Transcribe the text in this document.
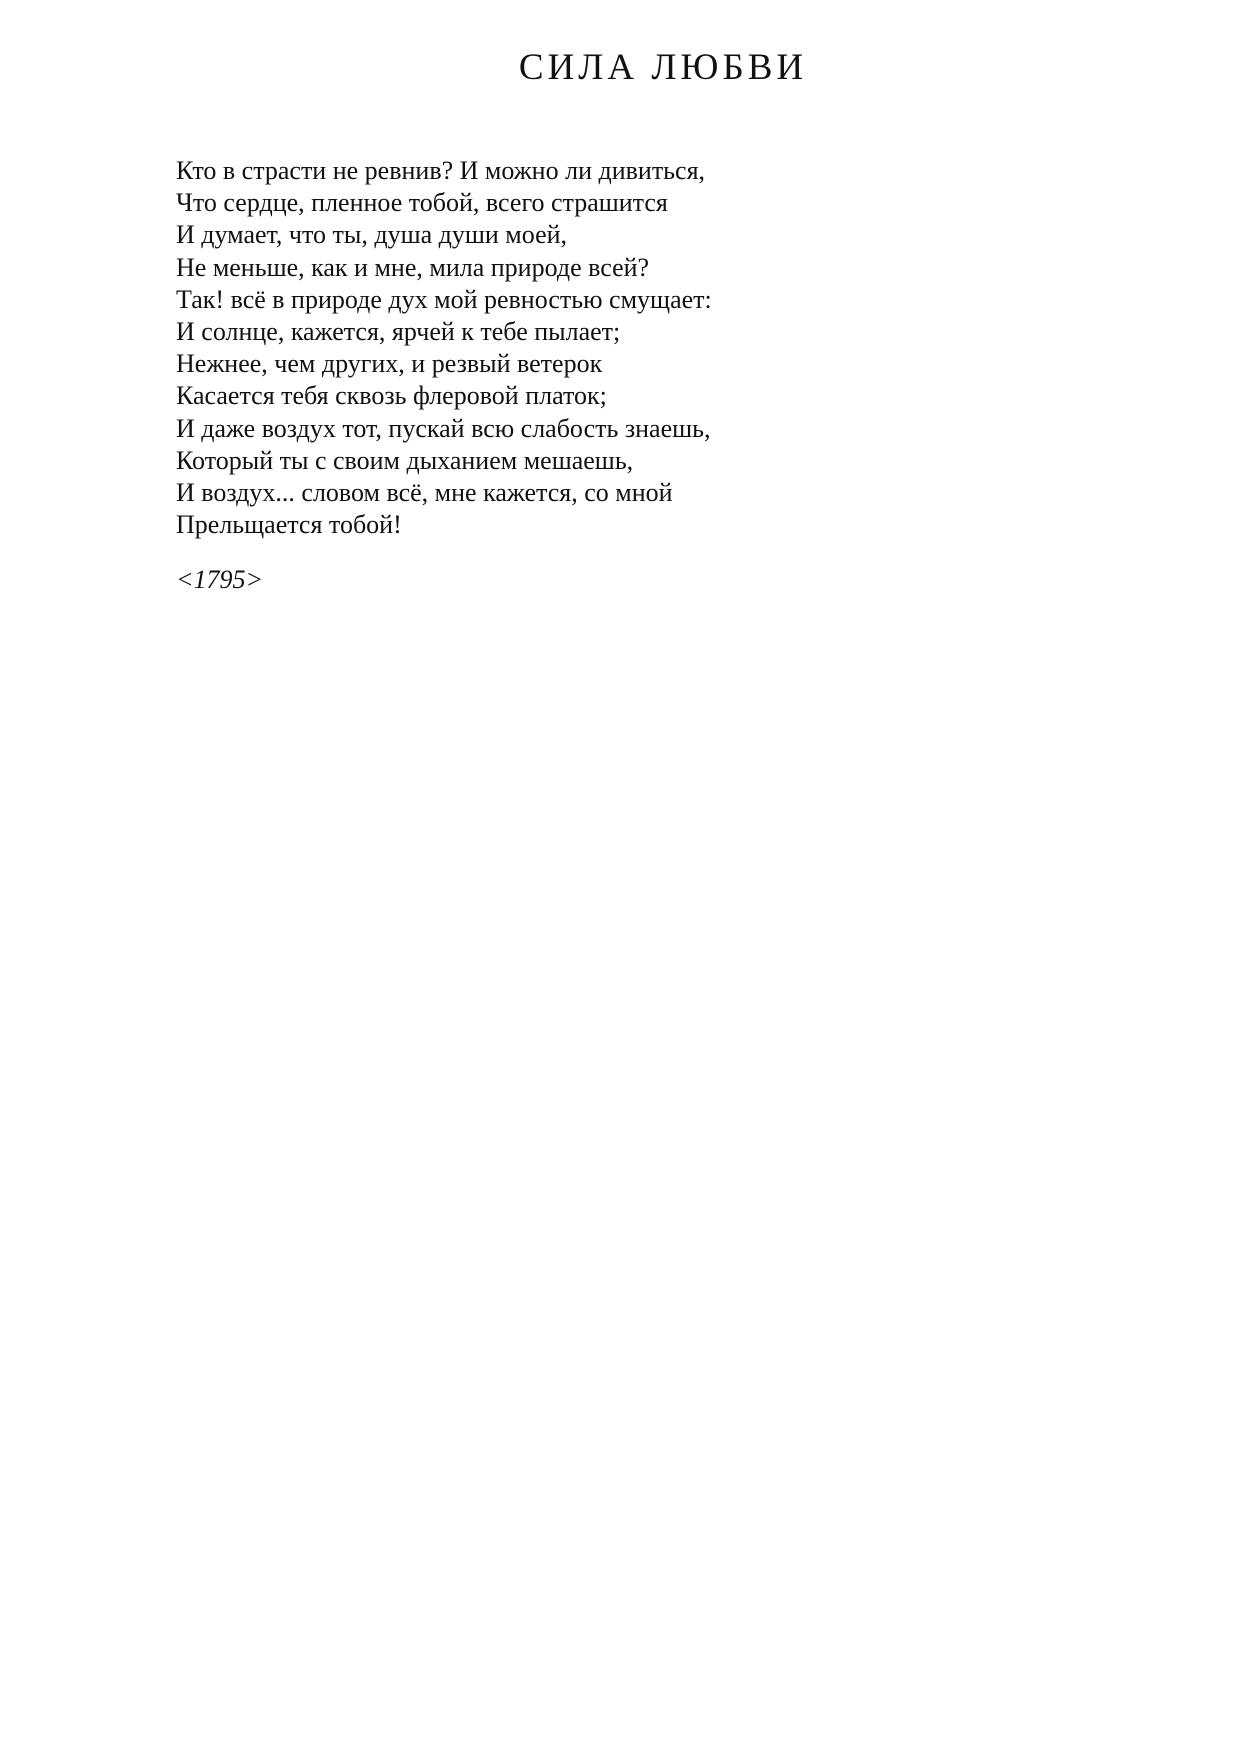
СИЛА ЛЮБВИ
Кто в страсти не ревнив? И можно ли дивиться,
Что сердце, пленное тобой, всего страшится
И думает, что ты, душа души моей,
Не меньше, как и мне, мила природе всей?
Так! всё в природе дух мой ревностью смущает:
И солнце, кажется, ярчей к тебе пылает;
Нежнее, чем других, и резвый ветерок
Касается тебя сквозь флеровой платок;
И даже воздух тот, пускай всю слабость знаешь,
Который ты с своим дыханием мешаешь,
И воздух... словом всё, мне кажется, со мной
Прельщается тобой!
<1795>
